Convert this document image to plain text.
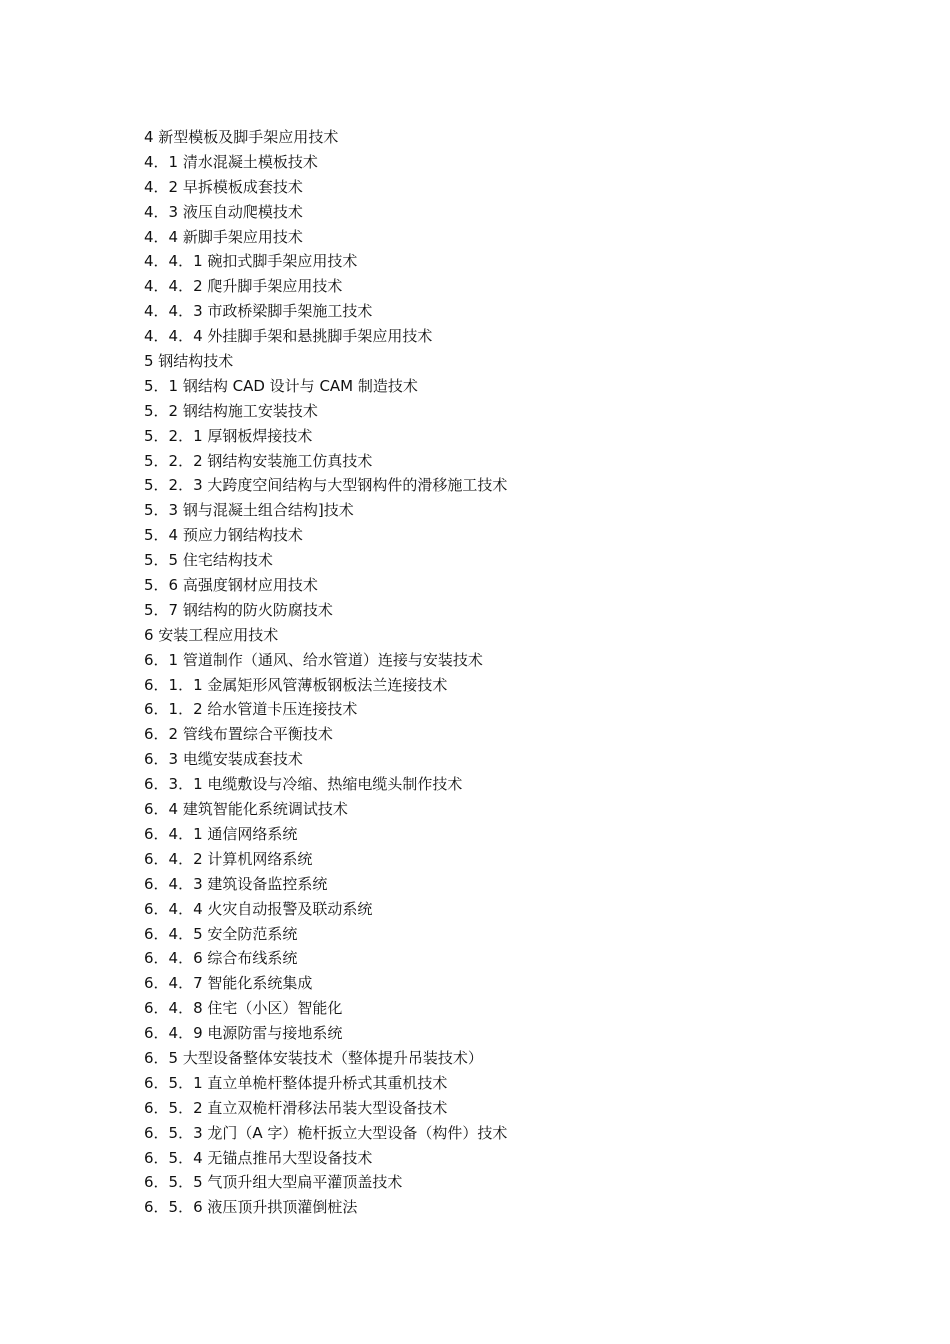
4 新型模板及脚手架应用技术
4．1 清水混凝土模板技术
4．2 早拆模板成套技术
4．3 液压自动爬模技术
4．4 新脚手架应用技术
4．4．1 碗扣式脚手架应用技术
4．4．2 爬升脚手架应用技术
4．4．3 市政桥梁脚手架施工技术
4．4．4 外挂脚手架和悬挑脚手架应用技术
5 钢结构技术
5．1 钢结构 CAD 设计与 CAM 制造技术
5．2 钢结构施工安装技术
5．2．1 厚钢板焊接技术
5．2．2 钢结构安装施工仿真技术
5．2．3 大跨度空间结构与大型钢构件的滑移施工技术
5．3 钢与混凝土组合结构]技术
5．4 预应力钢结构技术
5．5 住宅结构技术
5．6 高强度钢材应用技术
5．7 钢结构的防火防腐技术
6 安装工程应用技术
6．1 管道制作（通风、给水管道）连接与安装技术
6．1．1 金属矩形风管薄板钢板法兰连接技术
6．1．2 给水管道卡压连接技术
6．2 管线布置综合平衡技术
6．3 电缆安装成套技术
6．3．1 电缆敷设与冷缩、热缩电缆头制作技术
6．4 建筑智能化系统调试技术
6．4．1 通信网络系统
6．4．2 计算机网络系统
6．4．3 建筑设备监控系统
6．4．4 火灾自动报警及联动系统
6．4．5 安全防范系统
6．4．6 综合布线系统
6．4．7 智能化系统集成
6．4．8 住宅（小区）智能化
6．4．9 电源防雷与接地系统
6．5 大型设备整体安装技术（整体提升吊装技术）
6．5．1 直立单桅杆整体提升桥式其重机技术
6．5．2 直立双桅杆滑移法吊装大型设备技术
6．5．3 龙门（A 字）桅杆扳立大型设备（构件）技术
6．5．4 无锚点推吊大型设备技术
6．5．5 气顶升组大型扁平灌顶盖技术
6．5．6 液压顶升拱顶灌倒桩法
